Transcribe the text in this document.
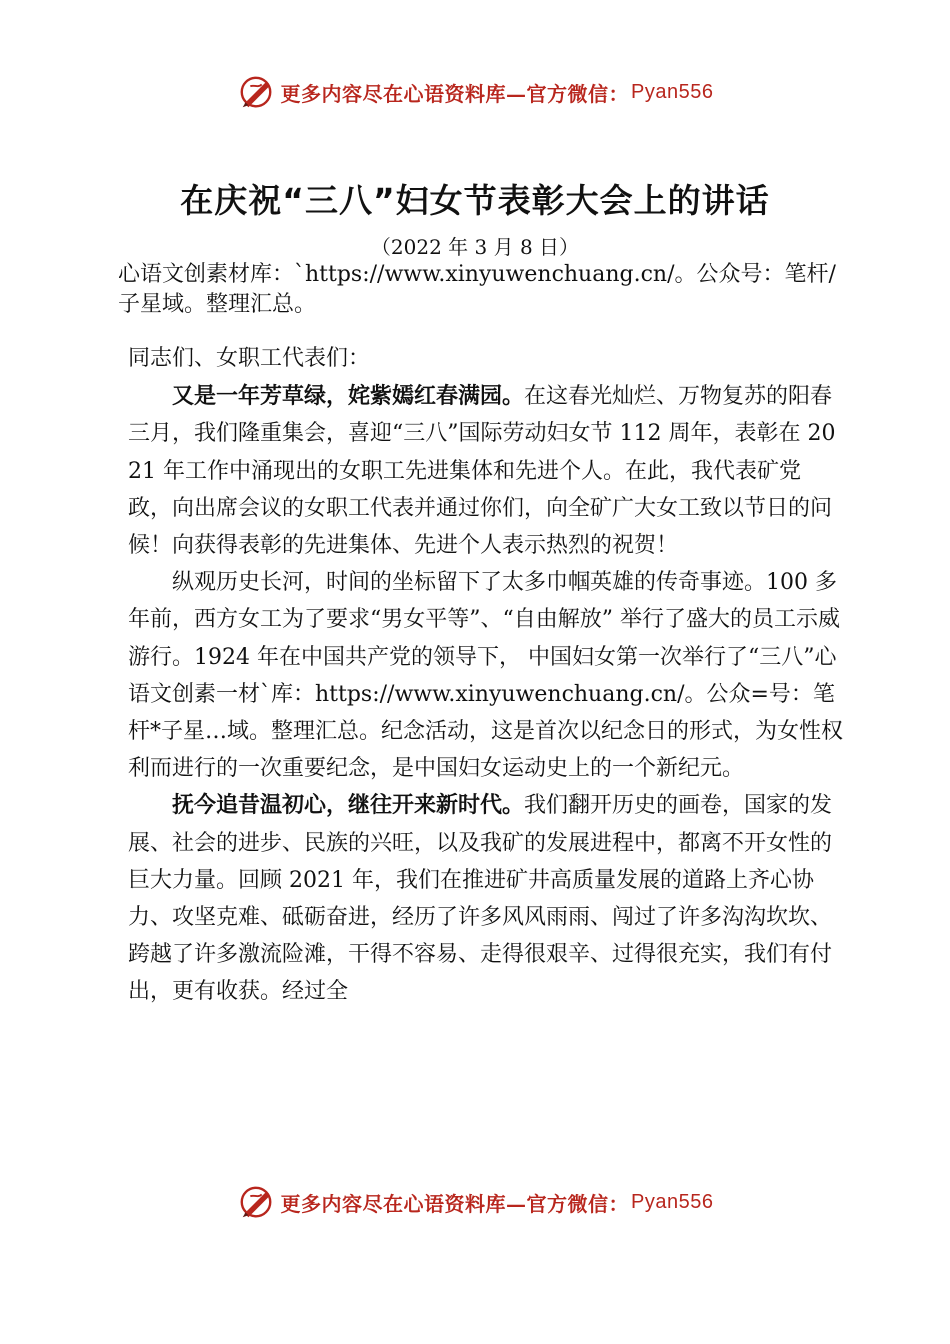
更多内容尽在心语资料库—官方微信： Pyan556
在庆祝“三八”妇女节表彰大会上的讲话
（2022 年 3 月 8 日）
心语文创素材库：`https://www.xinyuwenchuang.cn/。公众号：笔杆/子星域。整理汇总。

同志们、女职工代表们：

又是一年芳草绿，姹紫嫣红春满园。在这春光灿烂、万物复苏的阳春三月，我们隆重集会，喜迎“三八”国际劳动妇女节 112 周年，表彰在 2021 年工作中涌现出的女职工先进集体和先进个人。在此，我代表矿党政，向出席会议的女职工代表并通过你们，向全矿广大女工致以节日的问候！向获得表彰的先进集体、先进个人表示热烈的祝贺！

纵观历史长河，时间的坐标留下了太多巾帼英雄的传奇事迹。100 多年前，西方女工为了要求“男女平等”、“自由解放” 举行了盛大的员工示威游行。1924 年在中国共产党的领导下， 中国妇女第一次举行了“三八”心语文创素一材`库：https://www.xinyuwenchuang.cn/。公众=号：笔杆*子星…域。整理汇总。纪念活动，这是首次以纪念日的形式，为女性权利而进行的一次重要纪念，是中国妇女运动史上的一个新纪元。

抚今追昔温初心，继往开来新时代。我们翻开历史的画卷，国家的发展、社会的进步、民族的兴旺，以及我矿的发展进程中，都离不开女性的巨大力量。回顾 2021 年，我们在推进矿井高质量发展的道路上齐心协力、攻坚克难、砥砺奋进，经历了许多风风雨雨、闯过了许多沟沟坎坎、跨越了许多激流险滩，干得不容易、走得很艰辛、过得很充实，我们有付出，更有收获。经过全

更多内容尽在心语资料库—官方微信： Pyan556
